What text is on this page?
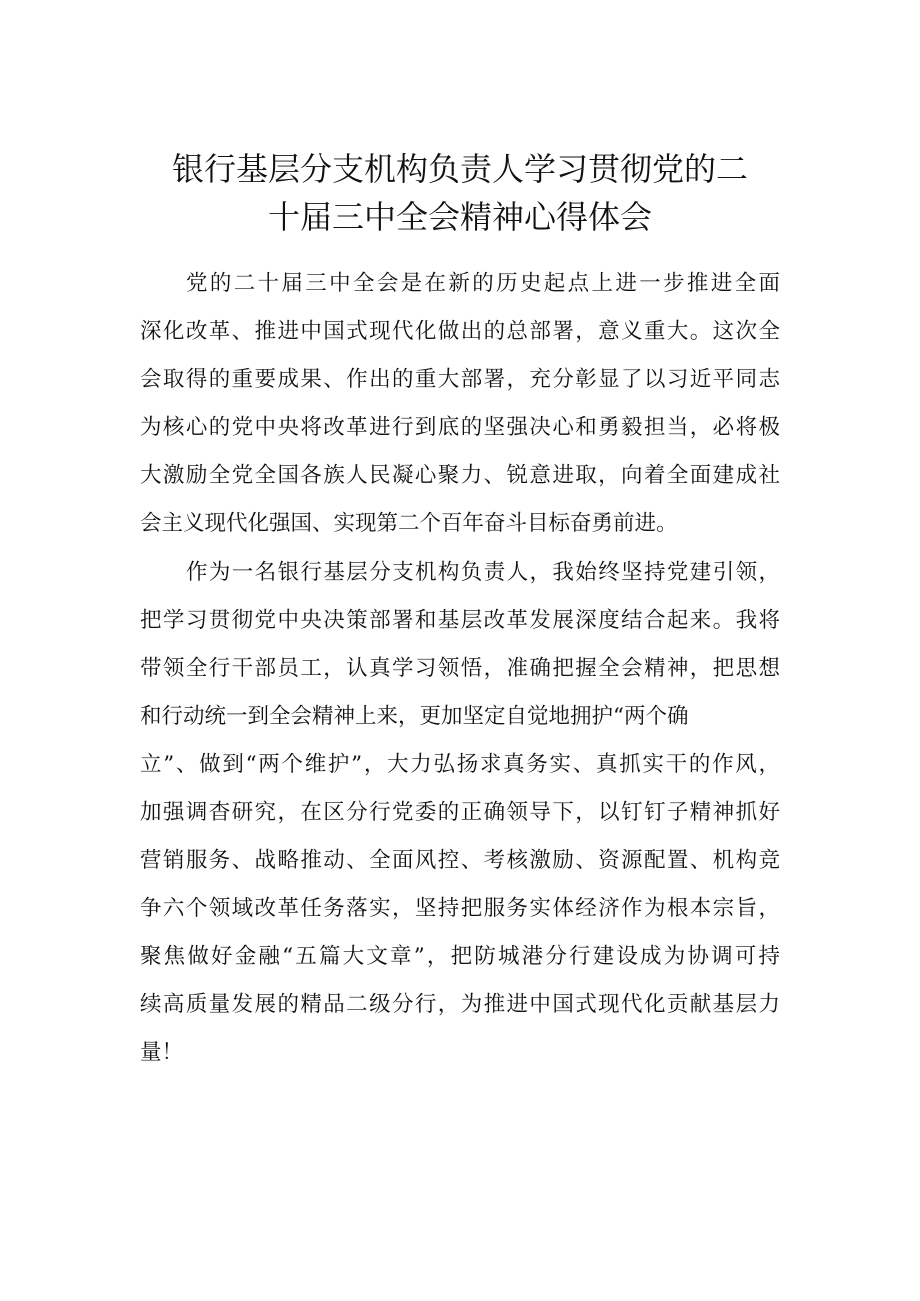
银行基层分支机构负责人学习贯彻党的二
十届三中全会精神心得体会
党的二十届三中全会是在新的历史起点上进一步推进全面
深化改革、推进中国式现代化做出的总部署，意义重大。这次全
会取得的重要成果、作出的重大部署，充分彰显了以习近平同志
为核心的党中央将改革进行到底的坚强决心和勇毅担当，必将极
大激励全党全国各族人民凝心聚力、锐意进取，向着全面建成社
会主义现代化强国、实现第二个百年奋斗目标奋勇前进。
作为一名银行基层分支机构负责人，我始终坚持党建引领，
把学习贯彻党中央决策部署和基层改革发展深度结合起来。我将
带领全行干部员工，认真学习领悟，准确把握全会精神，把思想
和行动统一到全会精神上来，更加坚定自觉地拥护“两个确
立”、做到“两个维护”，大力弘扬求真务实、真抓实干的作风，
加强调杳研究，在区分行党委的正确领导下，以钉钉子精神抓好
营销服务、战略推动、全面风控、考核激励、资源配置、机构竞
争六个领域改革任务落实，坚持把服务实体经济作为根本宗旨，
聚焦做好金融“五篇大文章”，把防城港分行建设成为协调可持
续高质量发展的精品二级分行，为推进中国式现代化贡献基层力
量！
